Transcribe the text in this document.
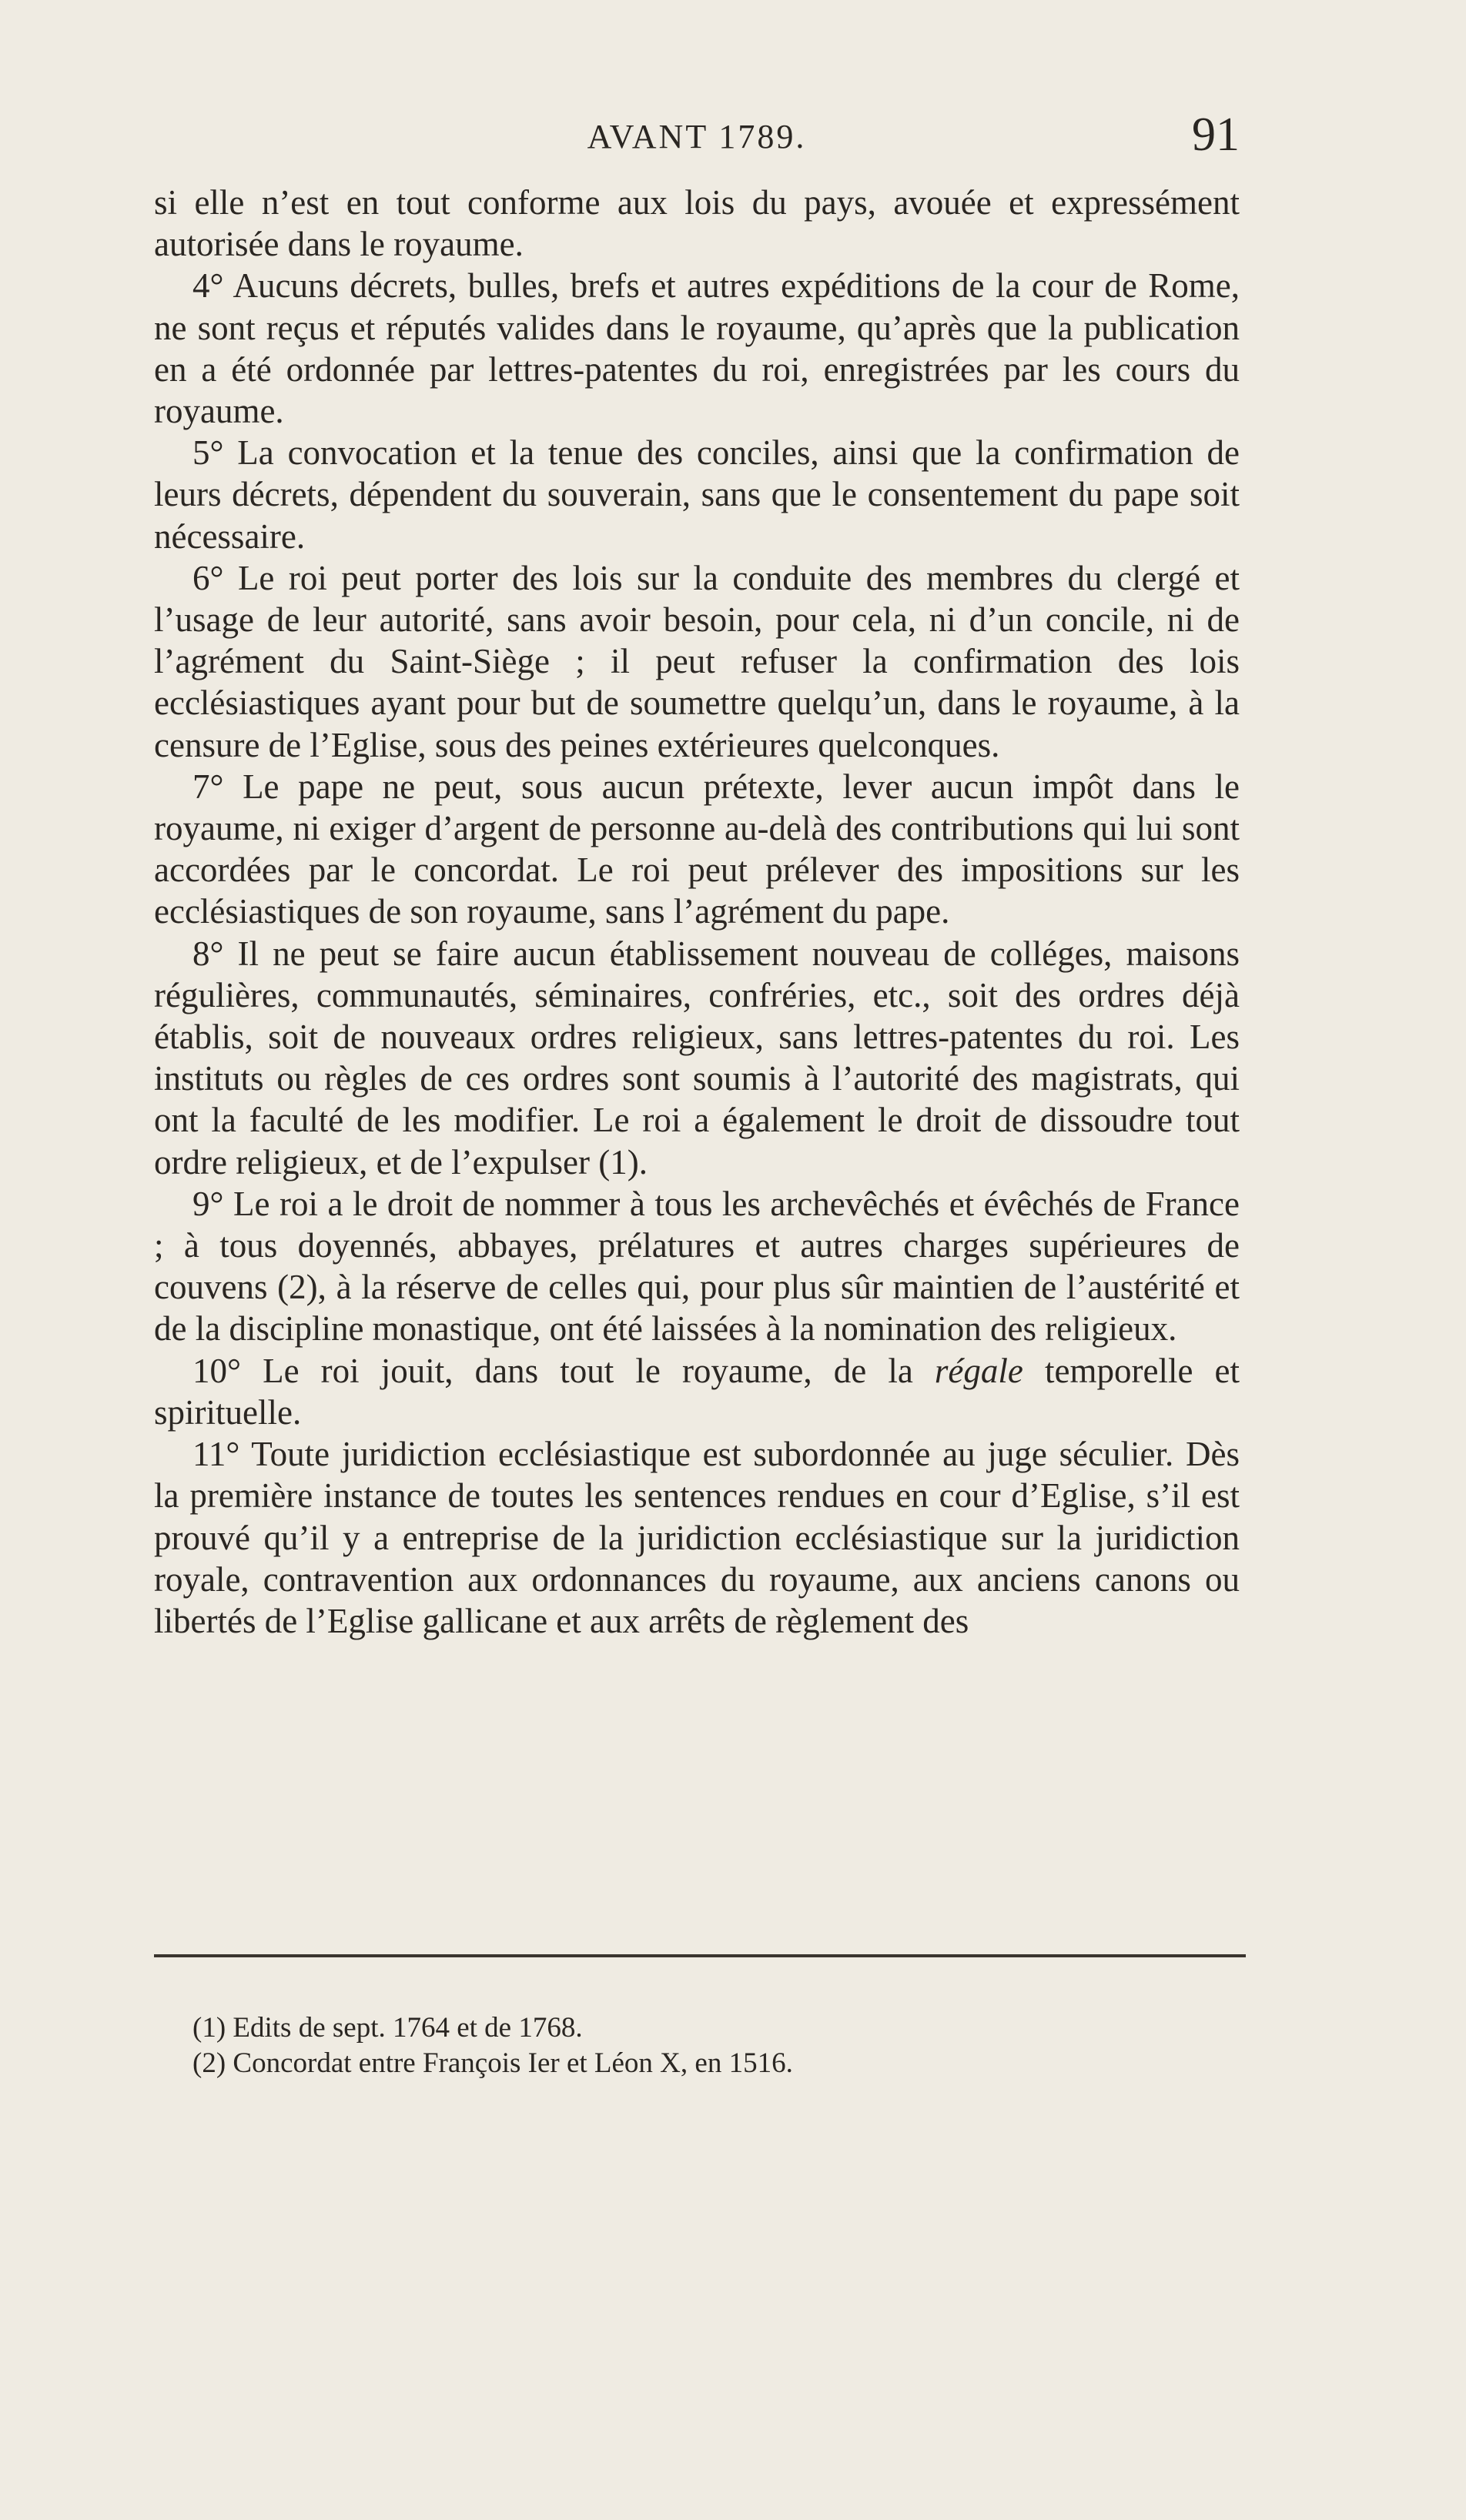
AVANT 1789.	91

si elle n’est en tout conforme aux lois du pays, avouée et expressément autorisée dans le royaume.

4° Aucuns décrets, bulles, brefs et autres expéditions de la cour de Rome, ne sont reçus et réputés valides dans le royaume, qu’après que la publication en a été ordonnée par lettres-patentes du roi, enregistrées par les cours du royaume.

5° La convocation et la tenue des conciles, ainsi que la confirmation de leurs décrets, dépendent du souverain, sans que le consentement du pape soit nécessaire.

6° Le roi peut porter des lois sur la conduite des membres du clergé et l’usage de leur autorité, sans avoir besoin, pour cela, ni d’un concile, ni de l’agrément du Saint-Siège ; il peut refuser la confirmation des lois ecclésiastiques ayant pour but de soumettre quelqu’un, dans le royaume, à la censure de l’Eglise, sous des peines extérieures quelconques.

7° Le pape ne peut, sous aucun prétexte, lever aucun impôt dans le royaume, ni exiger d’argent de personne au-delà des contributions qui lui sont accordées par le concordat. Le roi peut prélever des impositions sur les ecclésiastiques de son royaume, sans l’agrément du pape.

8° Il ne peut se faire aucun établissement nouveau de colléges, maisons régulières, communautés, séminaires, confréries, etc., soit des ordres déjà établis, soit de nouveaux ordres religieux, sans lettres-patentes du roi. Les instituts ou règles de ces ordres sont soumis à l’autorité des magistrats, qui ont la faculté de les modifier. Le roi a également le droit de dissoudre tout ordre religieux, et de l’expulser (1).

9° Le roi a le droit de nommer à tous les archevêchés et évêchés de France ; à tous doyennés, abbayes, prélatures et autres charges supérieures de couvens (2), à la réserve de celles qui, pour plus sûr maintien de l’austérité et de la discipline monastique, ont été laissées à la nomination des religieux.

10° Le roi jouit, dans tout le royaume, de la régale temporelle et spirituelle.

11° Toute juridiction ecclésiastique est subordonnée au juge séculier. Dès la première instance de toutes les sentences rendues en cour d’Eglise, s’il est prouvé qu’il y a entreprise de la juridiction ecclésiastique sur la juridiction royale, contravention aux ordonnances du royaume, aux anciens canons ou libertés de l’Eglise gallicane et aux arrêts de règlement des

(1) Edits de sept. 1764 et de 1768.

(2) Concordat entre François Ier et Léon X, en 1516.
